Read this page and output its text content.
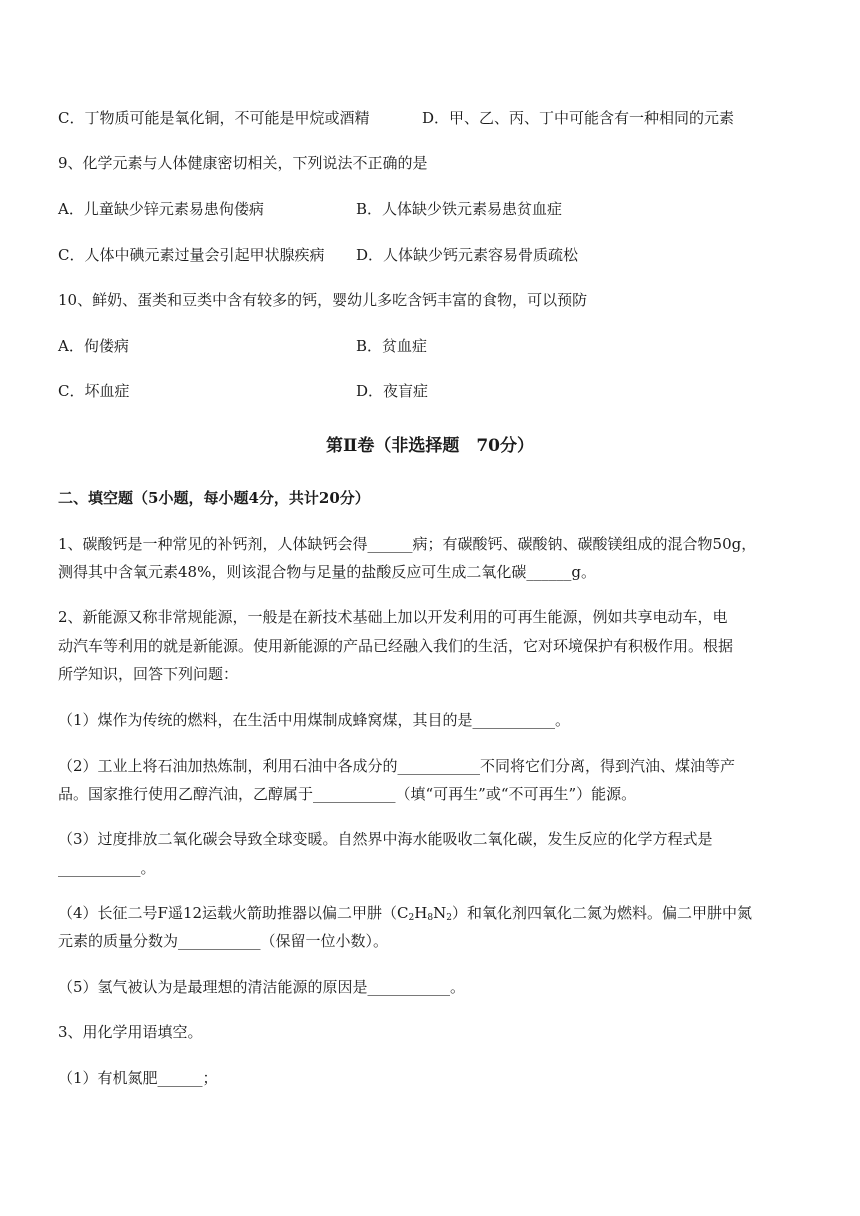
C．丁物质可能是氧化铜，不可能是甲烷或酒精	D．甲、乙、丙、丁中可能含有一种相同的元素
9、化学元素与人体健康密切相关，下列说法不正确的是
A．儿童缺少锌元素易患佝偻病	B．人体缺少铁元素易患贫血症
C．人体中碘元素过量会引起甲状腺疾病 D．人体缺少钙元素容易骨质疏松
10、鲜奶、蛋类和豆类中含有较多的钙，婴幼儿多吃含钙丰富的食物，可以预防
A．佝偻病	B．贫血症
C．坏血症	D．夜盲症
第Ⅱ卷（非选择题　70分）
二、填空题（5小题，每小题4分，共计20分）
1、碳酸钙是一种常见的补钙剂，人体缺钙会得______病；有碳酸钙、碳酸钠、碳酸镁组成的混合物50g，
测得其中含氧元素48%，则该混合物与足量的盐酸反应可生成二氧化碳______g。
2、新能源又称非常规能源，一般是在新技术基础上加以开发利用的可再生能源，例如共享电动车，电
动汽车等利用的就是新能源。使用新能源的产品已经融入我们的生活，它对环境保护有积极作用。根据
所学知识，回答下列问题：
（1）煤作为传统的燃料，在生活中用煤制成蜂窝煤，其目的是___________。
（2）工业上将石油加热炼制，利用石油中各成分的___________不同将它们分离，得到汽油、煤油等产
品。国家推行使用乙醇汽油，乙醇属于___________（填“可再生”或“不可再生”）能源。
（3）过度排放二氧化碳会导致全球变暖。自然界中海水能吸收二氧化碳，发生反应的化学方程式是
___________。
（4）长征二号F遥12运载火箭助推器以偏二甲肼$(C_2H_8N_2)$和氧化剂四氧化二氮为燃料。偏二甲肼中氮
元素的质量分数为___________（保留一位小数）。
（5）氢气被认为是最理想的清洁能源的原因是___________。
3、用化学用语填空。
（1）有机氮肥______；
